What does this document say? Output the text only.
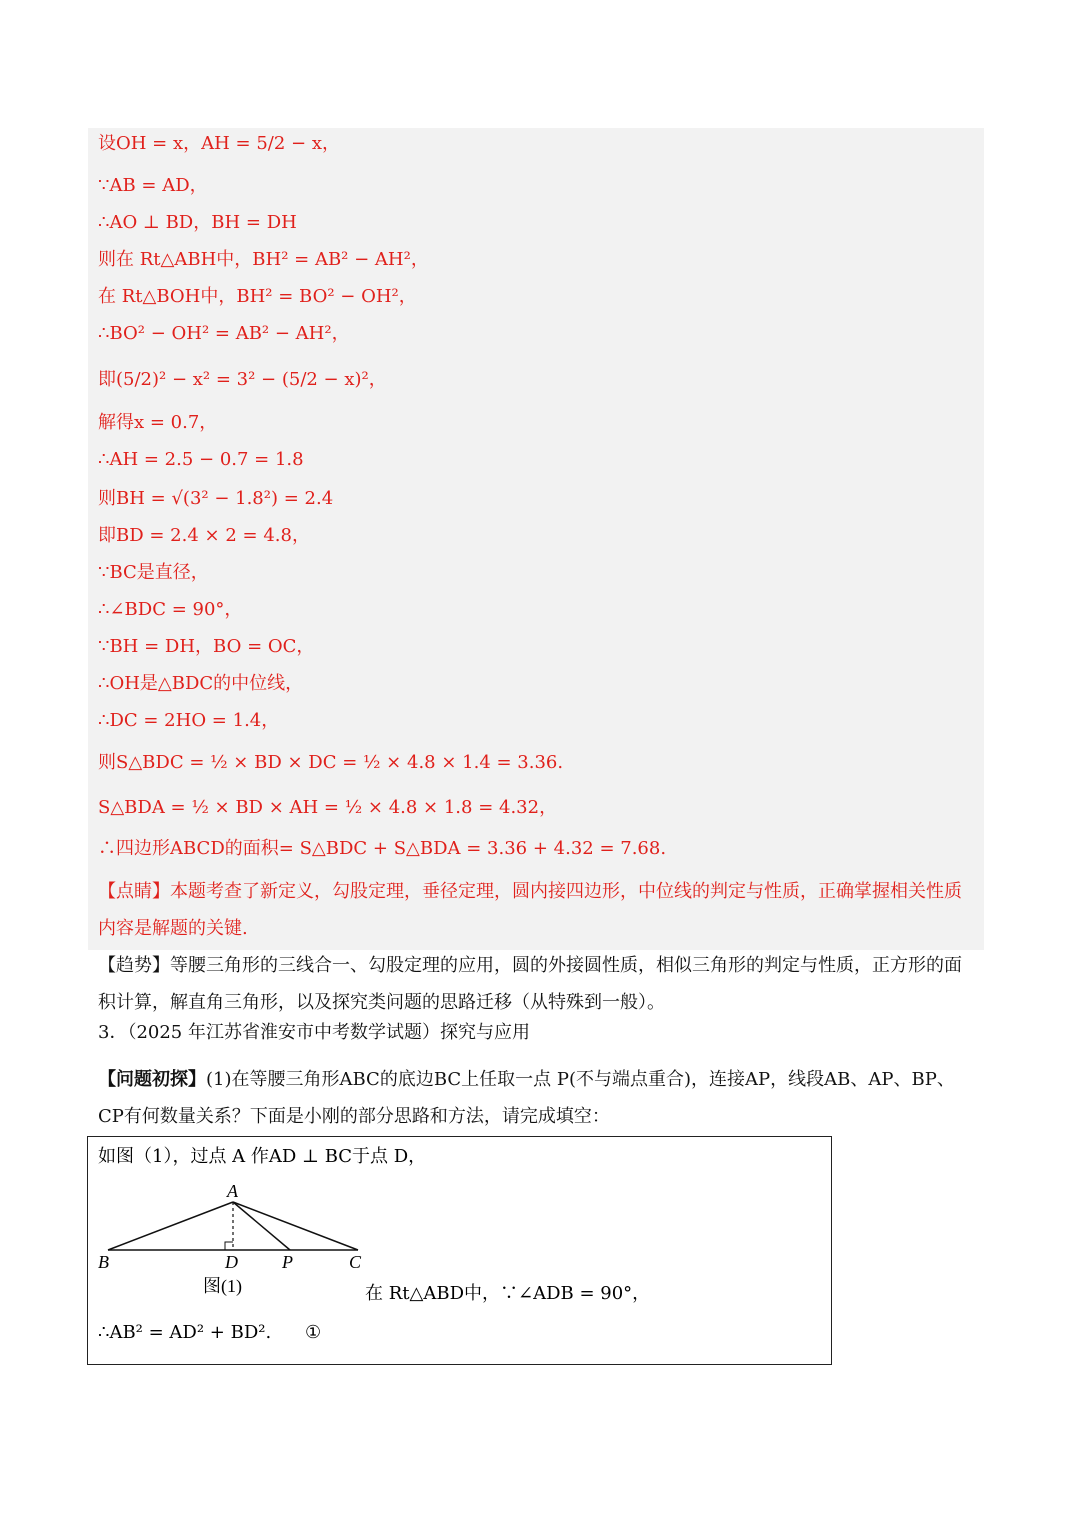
设OH = x，AH = 5/2 − x，
∵AB = AD，
∴AO ⊥ BD，BH = DH
则在 Rt△ABH中，BH² = AB² − AH²，
在 Rt△BOH中，BH² = BO² − OH²，
∴BO² − OH² = AB² − AH²，
即(5/2)² − x² = 3² − (5/2 − x)²，
解得x = 0.7，
∴AH = 2.5 − 0.7 = 1.8
则BH = √(3² − 1.8²) = 2.4
即BD = 2.4 × 2 = 4.8，
∵BC是直径，
∴∠BDC = 90°，
∵BH = DH，BO = OC，
∴OH是△BDC的中位线，
∴DC = 2HO = 1.4，
则S△BDC = ½ × BD × DC = ½ × 4.8 × 1.4 = 3.36.
S△BDA = ½ × BD × AH = ½ × 4.8 × 1.8 = 4.32，
∴四边形ABCD的面积= S△BDC + S△BDA = 3.36 + 4.32 = 7.68.
【点睛】本题考查了新定义，勾股定理，垂径定理，圆内接四边形，中位线的判定与性质，正确掌握相关性质内容是解题的关键.
【趋势】等腰三角形的三线合一、勾股定理的应用，圆的外接圆性质，相似三角形的判定与性质，正方形的面积计算，解直角三角形，以及探究类问题的思路迁移（从特殊到一般）。
3．（2025 年江苏省淮安市中考数学试题）探究与应用
【问题初探】(1)在等腰三角形ABC的底边BC上任取一点 P(不与端点重合)，连接AP，线段AB、AP、BP、CP有何数量关系？下面是小刚的部分思路和方法，请完成填空：
如图（1），过点 A 作AD ⊥ BC于点 D，
A
B	D P	C
图(1)	在 Rt△ABD中，∵∠ADB = 90°，
∴AB² = AD² + BD². ①
